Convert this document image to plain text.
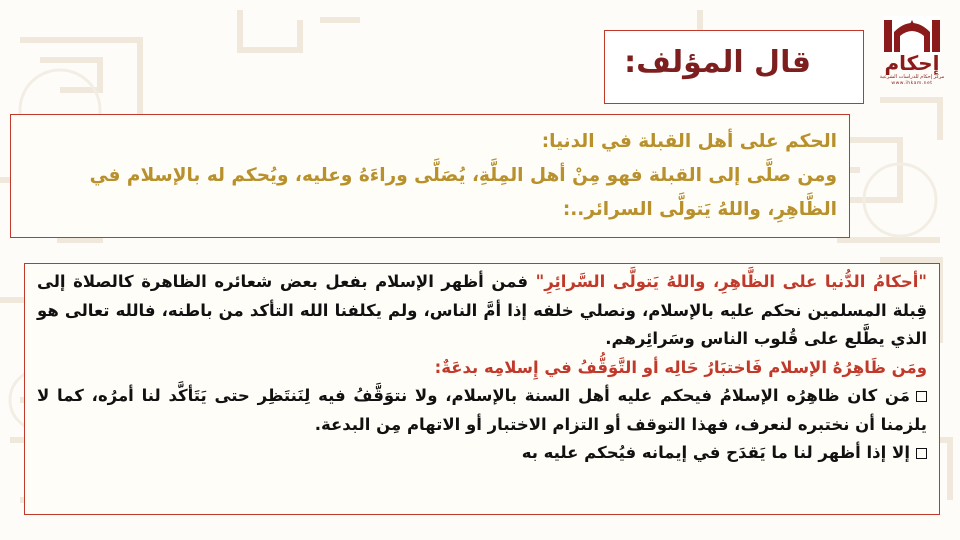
إحكام
مركز إحكام للدراسات الشرعية
www.ihkam.net
قال المؤلف:

الحكم على أهل القبلة في الدنيا:

ومن صلَّى إلى القبلة فهو مِنْ أهل المِلَّةِ، يُصَلَّى وراءَهُ وعليه، ويُحكم له بالإسلام في الظَّاهِرِ، واللهُ يَتولَّى السرائر..:

"أحكامُ الدُّنيا على الظَّاهِرِ، واللهُ يَتولَّى السَّرائِرِ" فمن أظهر الإسلام بفعل بعض شعائره الظاهرة كالصلاة إلى قِبلة المسلمين نحكم عليه بالإسلام، ونصلي خلفه إذا أمَّ الناس، ولم يكلفنا الله التأكد من باطنه، فالله تعالى هو الذي يطَّلع على قُلوب الناس وسَرائِرهم.

ومَن ظَاهِرُهُ الإسلام فَاختبَارُ حَالِه أو التَّوَقُّفُ في إِسلامِه بدعَةٌ:

مَن كان ظاهِرُه الإسلامُ فيحكم عليه أهل السنة بالإسلام، ولا نتوَقَّفُ فيه لِنَنتَظِر حتى يَتَأكَّد لنا أمرُه، كما لا يلزمنا أن نختبره لنعرف، فهذا التوقف أو التزام الاختبار أو الاتهام مِن البدعة.

إلا إذا أظهر لنا ما يَقدَح في إيمانه فيُحكم عليه به
